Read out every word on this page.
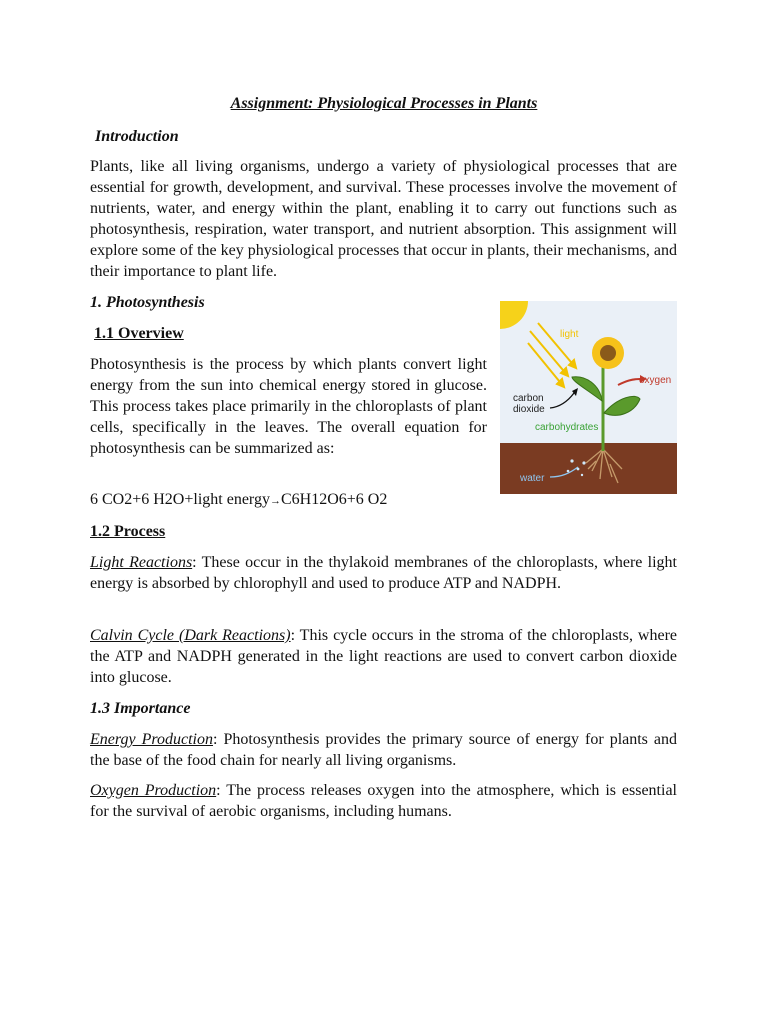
Assignment: Physiological Processes in Plants
Introduction

Plants, like all living organisms, undergo a variety of physiological processes that are essential for growth, development, and survival. These processes involve the movement of nutrients, water, and energy within the plant, enabling it to carry out functions such as photosynthesis, respiration, water transport, and nutrient absorption. This assignment will explore some of the key physiological processes that occur in plants, their mechanisms, and their importance to plant life.

1. Photosynthesis
1.1 Overview

Photosynthesis is the process by which plants convert light energy from the sun into chemical energy stored in glucose. This process takes place primarily in the chloroplasts of plant cells, specifically in the leaves. The overall equation for photosynthesis can be summarized as:

6 CO2+6 H2O+light energy→C6H12O6+6 O2
1.2 Process

Light Reactions: These occur in the thylakoid membranes of the chloroplasts, where light energy is absorbed by chlorophyll and used to produce ATP and NADPH.

Calvin Cycle (Dark Reactions): This cycle occurs in the stroma of the chloroplasts, where the ATP and NADPH generated in the light reactions are used to convert carbon dioxide into glucose.

1.3 Importance

Energy Production: Photosynthesis provides the primary source of energy for plants and the base of the food chain for nearly all living organisms.

Oxygen Production: The process releases oxygen into the atmosphere, which is essential for the survival of aerobic organisms, including humans.

light
oxygen
carbon
dioxide
carbohydrates
water
